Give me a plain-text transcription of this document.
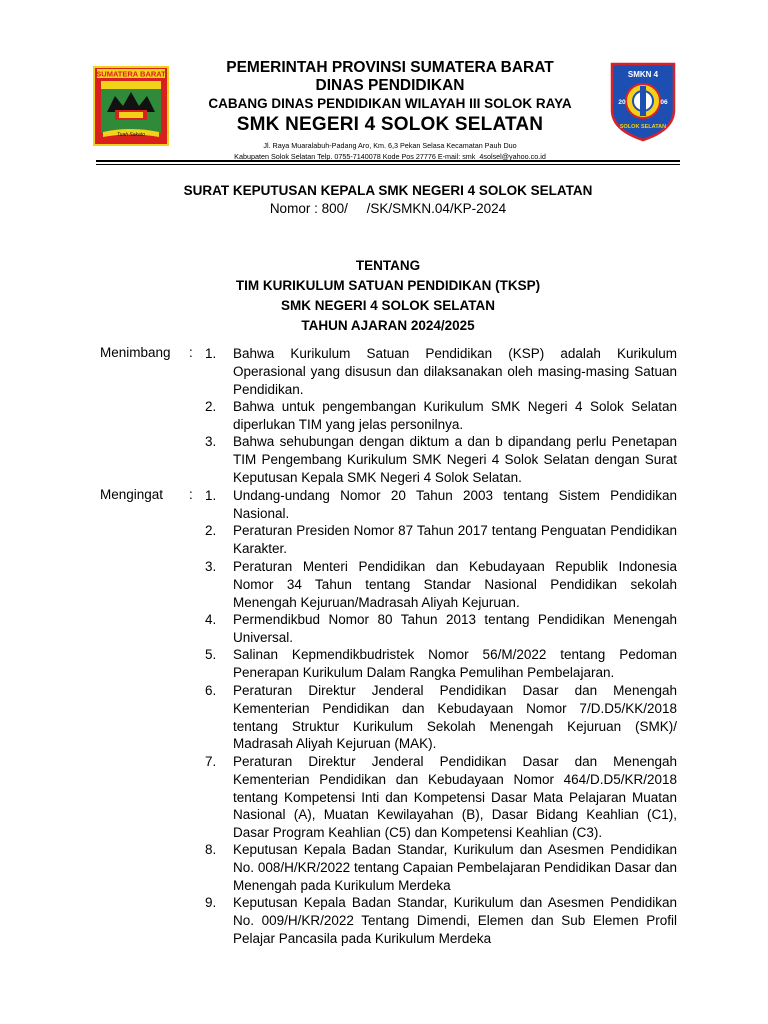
SUMATERA BARAT
Tuah Sakato
PEMERINTAH PROVINSI SUMATERA BARAT
DINAS PENDIDIKAN
CABANG DINAS PENDIDIKAN WILAYAH III SOLOK RAYA
SMK NEGERI 4 SOLOK SELATAN
Jl. Raya Muaralabuh-Padang Aro, Km. 6,3 Pekan Selasa Kecamatan Pauh Duo
Kabupaten Solok Selatan Telp. 0755-7140078 Kode Pos 27776 E-mail: smk_4solsel@yahoo.co.id
SMKN 4
20	06
SOLOK SELATAN
SURAT KEPUTUSAN KEPALA SMK NEGERI 4 SOLOK SELATAN
Nomor : 800/     /SK/SMKN.04/KP-2024
TENTANG
TIM KURIKULUM SATUAN PENDIDIKAN (TKSP)
SMK NEGERI 4 SOLOK SELATAN
TAHUN AJARAN 2024/2025
Menimbang : 1.	Bahwa Kurikulum Satuan Pendidikan (KSP) adalah Kurikulum Operasional yang disusun dan dilaksanakan oleh masing-masing Satuan Pendidikan.
2.	Bahwa untuk pengembangan Kurikulum SMK Negeri 4 Solok Selatan diperlukan TIM yang jelas personilnya.
3.	Bahwa sehubungan dengan diktum a dan b dipandang perlu Penetapan TIM Pengembang Kurikulum SMK Negeri 4 Solok Selatan dengan Surat Keputusan Kepala SMK Negeri 4 Solok Selatan.
Mengingat : 1.	Undang-undang Nomor 20 Tahun 2003 tentang Sistem Pendidikan Nasional.
2.	Peraturan Presiden Nomor 87 Tahun 2017 tentang Penguatan Pendidikan Karakter.
3.	Peraturan Menteri Pendidikan dan Kebudayaan Republik Indonesia Nomor 34 Tahun tentang Standar Nasional Pendidikan sekolah Menengah Kejuruan/Madrasah Aliyah Kejuruan.
4.	Permendikbud Nomor 80 Tahun 2013 tentang Pendidikan Menengah Universal.
5.	Salinan Kepmendikbudristek Nomor 56/M/2022 tentang Pedoman Penerapan Kurikulum Dalam Rangka Pemulihan Pembelajaran.
6.	Peraturan Direktur Jenderal Pendidikan Dasar dan Menengah Kementerian Pendidikan dan Kebudayaan Nomor 7/D.D5/KK/2018 tentang Struktur Kurikulum Sekolah Menengah Kejuruan (SMK)/ Madrasah Aliyah Kejuruan (MAK).
7.	Peraturan Direktur Jenderal Pendidikan Dasar dan Menengah Kementerian Pendidikan dan Kebudayaan Nomor 464/D.D5/KR/2018 tentang Kompetensi Inti dan Kompetensi Dasar Mata Pelajaran Muatan Nasional (A), Muatan Kewilayahan (B), Dasar Bidang Keahlian (C1), Dasar Program Keahlian (C5) dan Kompetensi Keahlian (C3).
8.	Keputusan Kepala Badan Standar, Kurikulum dan Asesmen Pendidikan No. 008/H/KR/2022 tentang Capaian Pembelajaran Pendidikan Dasar dan Menengah pada Kurikulum Merdeka
9.	Keputusan Kepala Badan Standar, Kurikulum dan Asesmen Pendidikan No. 009/H/KR/2022 Tentang Dimendi, Elemen dan Sub Elemen Profil Pelajar Pancasila pada Kurikulum Merdeka
